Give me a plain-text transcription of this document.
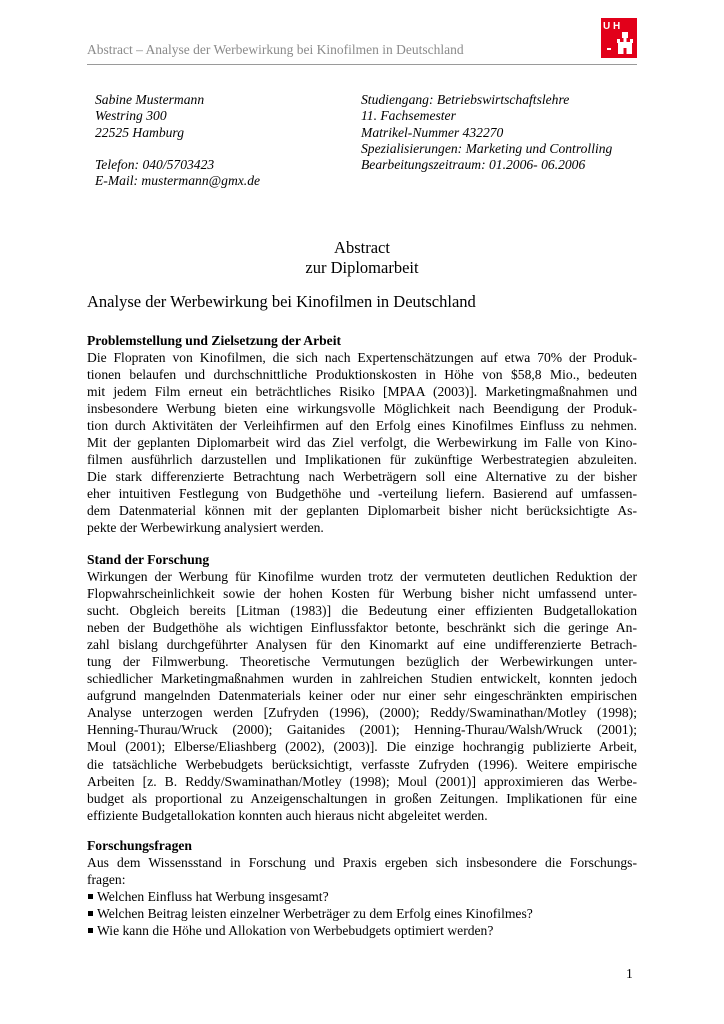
Abstract – Analyse der Werbewirkung bei Kinofilmen in Deutschland
U H
Sabine Mustermann
Westring 300
22525 Hamburg
Telefon: 040/5703423
E-Mail: mustermann@gmx.de
Studiengang: Betriebswirtschaftslehre
11. Fachsemester
Matrikel-Nummer 432270
Spezialisierungen: Marketing und Controlling
Bearbeitungszeitraum: 01.2006- 06.2006
Abstract
zur Diplomarbeit
Analyse der Werbewirkung bei Kinofilmen in Deutschland
Problemstellung und Zielsetzung der Arbeit

Die Flopraten von Kinofilmen, die sich nach Expertenschätzungen auf etwa 70% der Produk-
tionen belaufen und durchschnittliche Produktionskosten in Höhe von $58,8 Mio., bedeuten
mit jedem Film erneut ein beträchtliches Risiko [MPAA (2003)]. Marketingmaßnahmen und
insbesondere Werbung bieten eine wirkungsvolle Möglichkeit nach Beendigung der Produk-
tion durch Aktivitäten der Verleihfirmen auf den Erfolg eines Kinofilmes Einfluss zu nehmen.
Mit der geplanten Diplomarbeit wird das Ziel verfolgt, die Werbewirkung im Falle von Kino-
filmen ausführlich darzustellen und Implikationen für zukünftige Werbestrategien abzuleiten.
Die stark differenzierte Betrachtung nach Werbeträgern soll eine Alternative zu der bisher
eher intuitiven Festlegung von Budgethöhe und -verteilung liefern. Basierend auf umfassen-
dem Datenmaterial können mit der geplanten Diplomarbeit bisher nicht berücksichtigte As-
pekte der Werbewirkung analysiert werden.

Stand der Forschung

Wirkungen der Werbung für Kinofilme wurden trotz der vermuteten deutlichen Reduktion der
Flopwahrscheinlichkeit sowie der hohen Kosten für Werbung bisher nicht umfassend unter-
sucht. Obgleich bereits [Litman (1983)] die Bedeutung einer effizienten Budgetallokation
neben der Budgethöhe als wichtigen Einflussfaktor betonte, beschränkt sich die geringe An-
zahl bislang durchgeführter Analysen für den Kinomarkt auf eine undifferenzierte Betrach-
tung der Filmwerbung. Theoretische Vermutungen bezüglich der Werbewirkungen unter-
schiedlicher Marketingmaßnahmen wurden in zahlreichen Studien entwickelt, konnten jedoch
aufgrund mangelnden Datenmaterials keiner oder nur einer sehr eingeschränkten empirischen
Analyse unterzogen werden [Zufryden (1996), (2000); Reddy/Swaminathan/Motley (1998);
Henning-Thurau/Wruck (2000); Gaitanides (2001); Henning-Thurau/Walsh/Wruck (2001);
Moul (2001); Elberse/Eliashberg (2002), (2003)]. Die einzige hochrangig publizierte Arbeit,
die tatsächliche Werbebudgets berücksichtigt, verfasste Zufryden (1996). Weitere empirische
Arbeiten [z. B. Reddy/Swaminathan/Motley (1998); Moul (2001)] approximieren das Werbe-
budget als proportional zu Anzeigenschaltungen in großen Zeitungen. Implikationen für eine
effiziente Budgetallokation konnten auch hieraus nicht abgeleitet werden.

Forschungsfragen

Aus dem Wissensstand in Forschung und Praxis ergeben sich insbesondere die Forschungs-
fragen:

Welchen Einfluss hat Werbung insgesamt?
Welchen Beitrag leisten einzelner Werbeträger zu dem Erfolg eines Kinofilmes?
Wie kann die Höhe und Allokation von Werbebudgets optimiert werden?
1
